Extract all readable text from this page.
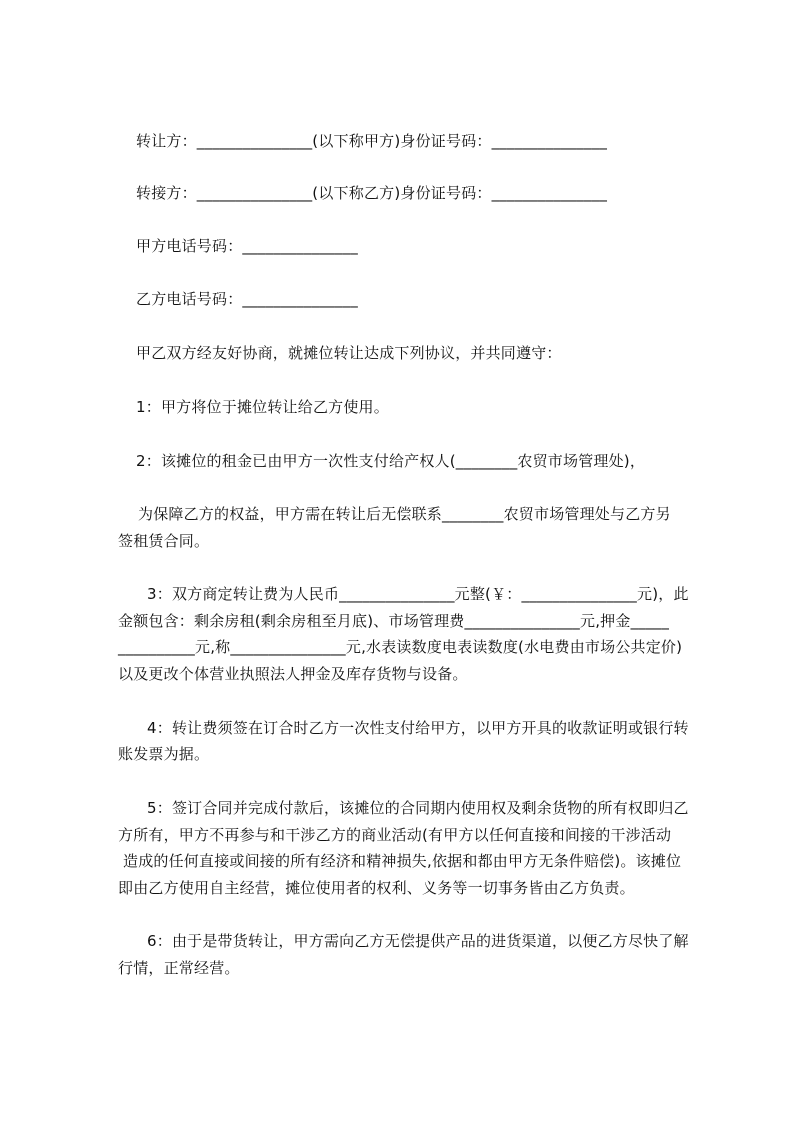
转让方：_______________(以下称甲方)身份证号码：_______________
转接方：_______________(以下称乙方)身份证号码：_______________
甲方电话号码：_______________
乙方电话号码：_______________
甲乙双方经友好协商，就摊位转让达成下列协议，并共同遵守：
1：甲方将位于摊位转让给乙方使用。
2：该摊位的租金已由甲方一次性支付给产权人(________农贸市场管理处)，
为保障乙方的权益，甲方需在转让后无偿联系________农贸市场管理处与乙方另
签租赁合同。
3：双方商定转让费为人民币_______________元整(￥：_______________元)，此
金额包含：剩余房租(剩余房租至月底)、市场管理费_______________元,押金_____
__________元,称_______________元,水表读数度电表读数度(水电费由市场公共定价)
以及更改个体营业执照法人押金及库存货物与设备。
4：转让费须签在订合时乙方一次性支付给甲方，以甲方开具的收款证明或银行转
账发票为据。
5：签订合同并完成付款后，该摊位的合同期内使用权及剩余货物的所有权即归乙
方所有，甲方不再参与和干涉乙方的商业活动(有甲方以任何直接和间接的干涉活动
造成的任何直接或间接的所有经济和精神损失,依据和都由甲方无条件赔偿)。该摊位
即由乙方使用自主经营，摊位使用者的权利、义务等一切事务皆由乙方负责。
6：由于是带货转让，甲方需向乙方无偿提供产品的进货渠道，以便乙方尽快了解
行情，正常经营。
